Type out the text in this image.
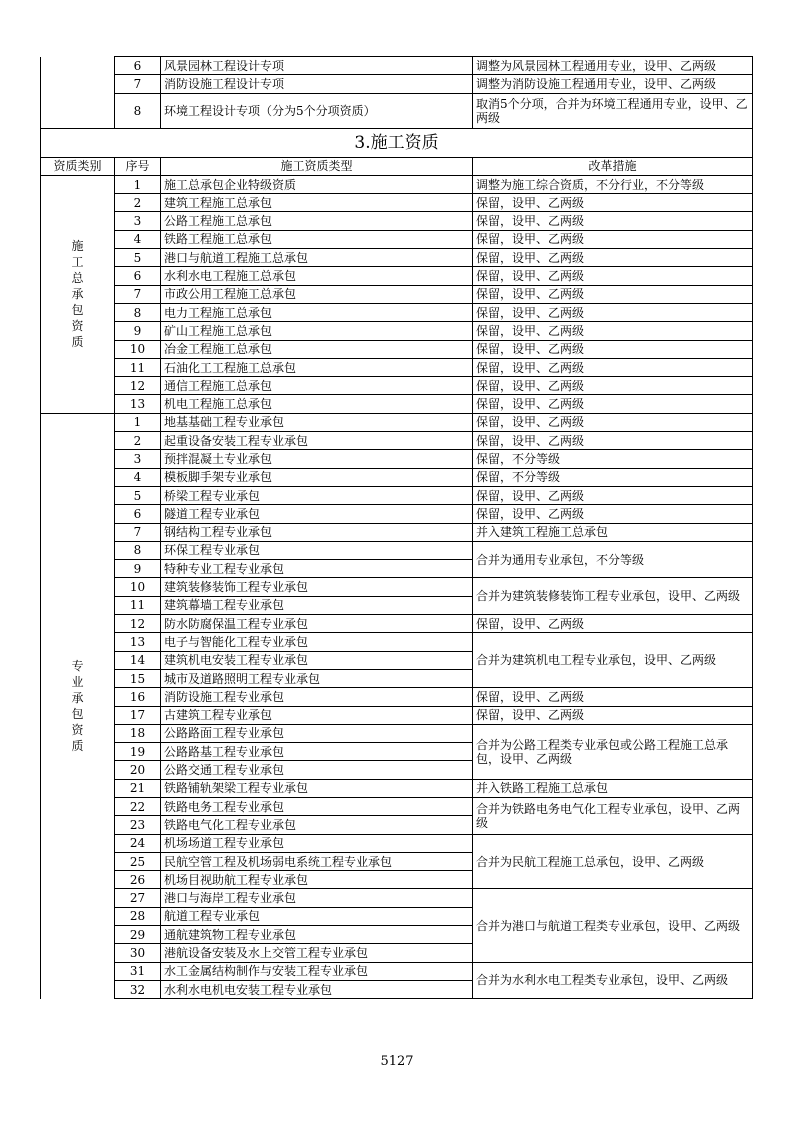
	6	风景园林工程设计专项	调整为风景园林工程通用专业，设甲、乙两级
	7	消防设施工程设计专项	调整为消防设施工程通用专业，设甲、乙两级
	8	环境工程设计专项（分为5个分项资质）	取消5个分项，合并为环境工程通用专业，设甲、乙两级
3.施工资质			
资质类别	序号	施工资质类型	改革措施
施工总承包资质	1	施工总承包企业特级资质	调整为施工综合资质，不分行业，不分等级
	2	建筑工程施工总承包	保留，设甲、乙两级
	3	公路工程施工总承包	保留，设甲、乙两级
	4	铁路工程施工总承包	保留，设甲、乙两级
	5	港口与航道工程施工总承包	保留，设甲、乙两级
	6	水利水电工程施工总承包	保留，设甲、乙两级
	7	市政公用工程施工总承包	保留，设甲、乙两级
	8	电力工程施工总承包	保留，设甲、乙两级
	9	矿山工程施工总承包	保留，设甲、乙两级
	10	冶金工程施工总承包	保留，设甲、乙两级
	11	石油化工工程施工总承包	保留，设甲、乙两级
	12	通信工程施工总承包	保留，设甲、乙两级
	13	机电工程施工总承包	保留，设甲、乙两级
专业承包资质	1	地基基础工程专业承包	保留，设甲、乙两级
	2	起重设备安装工程专业承包	保留，设甲、乙两级
	3	预拌混凝土专业承包	保留，不分等级
	4	模板脚手架专业承包	保留，不分等级
	5	桥梁工程专业承包	保留，设甲、乙两级
	6	隧道工程专业承包	保留，设甲、乙两级
	7	钢结构工程专业承包	并入建筑工程施工总承包
	8	环保工程专业承包	合并为通用专业承包，不分等级
	9	特种专业工程专业承包	
	10	建筑装修装饰工程专业承包	合并为建筑装修装饰工程专业承包，设甲、乙两级
	11	建筑幕墙工程专业承包	
	12	防水防腐保温工程专业承包	保留，设甲、乙两级
	13	电子与智能化工程专业承包	合并为建筑机电工程专业承包，设甲、乙两级
	14	建筑机电安装工程专业承包	
	15	城市及道路照明工程专业承包	
	16	消防设施工程专业承包	保留，设甲、乙两级
	17	古建筑工程专业承包	保留，设甲、乙两级
	18	公路路面工程专业承包	合并为公路工程类专业承包或公路工程施工总承包，设甲、乙两级
	19	公路路基工程专业承包	
	20	公路交通工程专业承包	
	21	铁路铺轨架梁工程专业承包	并入铁路工程施工总承包
	22	铁路电务工程专业承包	合并为铁路电务电气化工程专业承包，设甲、乙两级
	23	铁路电气化工程专业承包	
	24	机场场道工程专业承包	合并为民航工程施工总承包，设甲、乙两级
	25	民航空管工程及机场弱电系统工程专业承包	
	26	机场目视助航工程专业承包	
	27	港口与海岸工程专业承包	合并为港口与航道工程类专业承包，设甲、乙两级
	28	航道工程专业承包	
	29	通航建筑物工程专业承包	
	30	港航设备安装及水上交管工程专业承包	
	31	水工金属结构制作与安装工程专业承包	合并为水利水电工程类专业承包，设甲、乙两级
	32	水利水电机电安装工程专业承包	
5127
